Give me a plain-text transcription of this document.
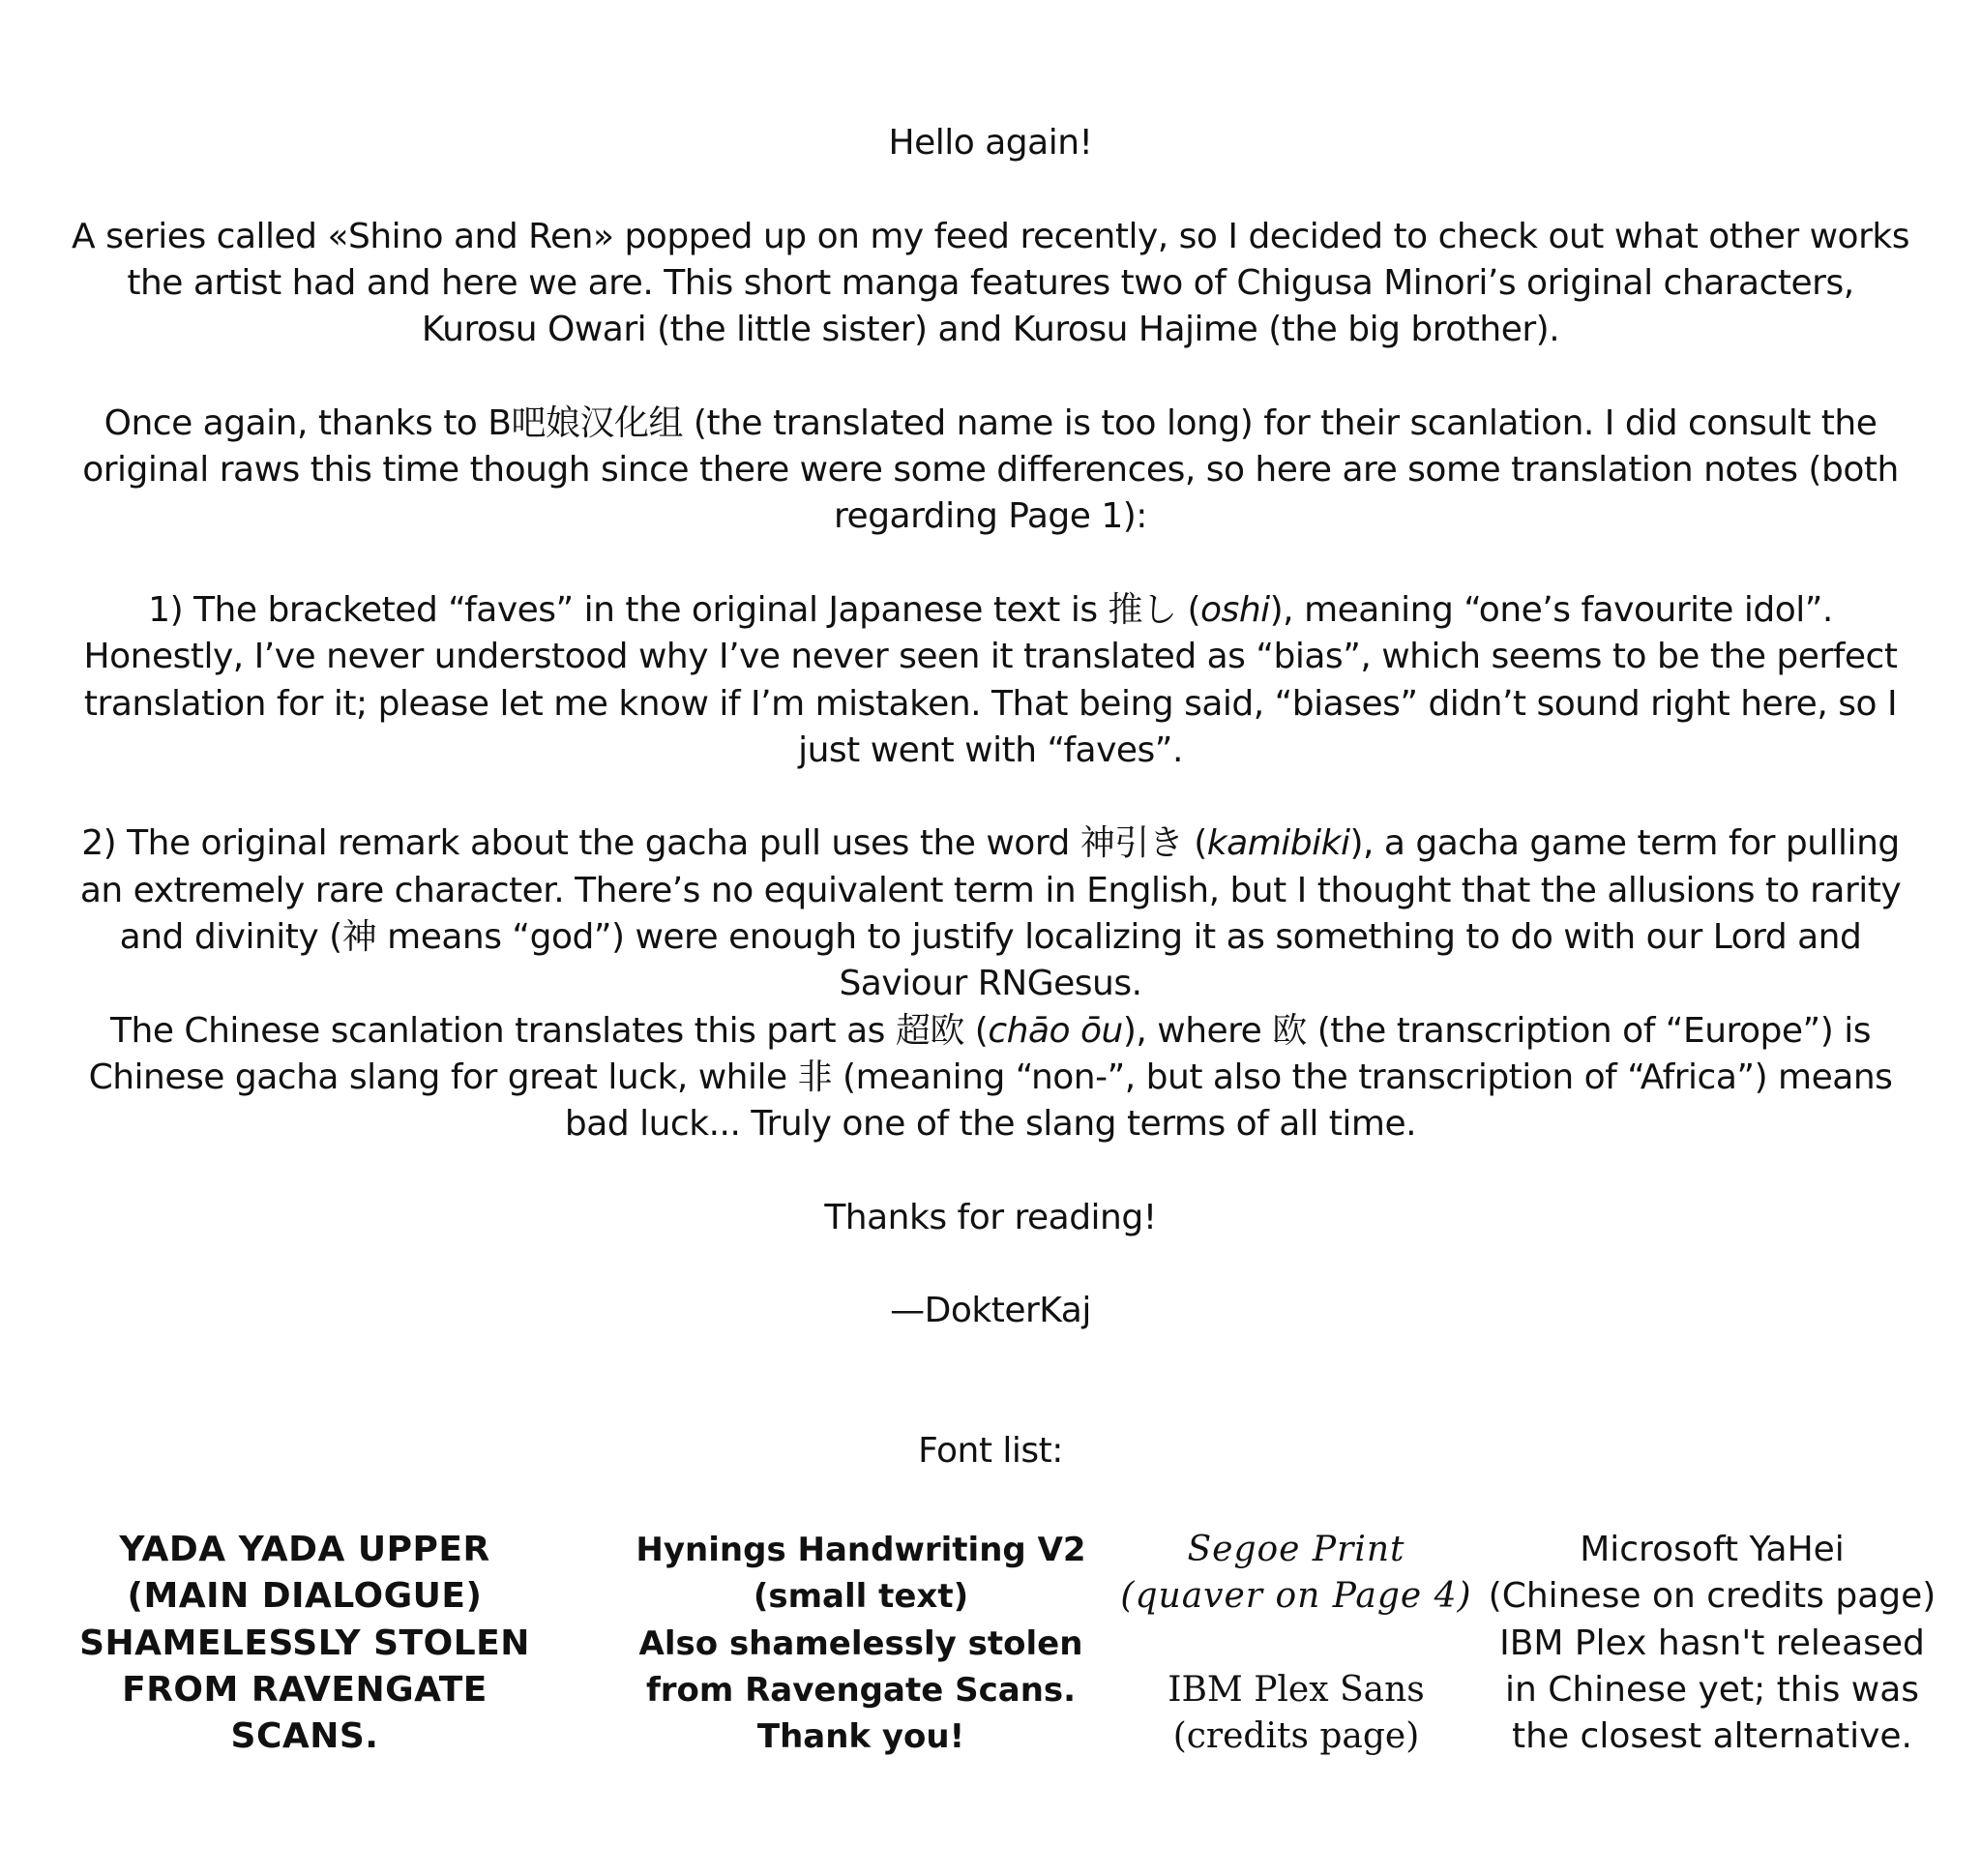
Hello again!

A series called «Shino and Ren» popped up on my feed recently, so I decided to check out what other works the artist had and here we are. This short manga features two of Chigusa Minori’s original characters, Kurosu Owari (the little sister) and Kurosu Hajime (the big brother).

Once again, thanks to B吧娘汉化组 (the translated name is too long) for their scanlation. I did consult the original raws this time though since there were some differences, so here are some translation notes (both regarding Page 1):

1) The bracketed “faves” in the original Japanese text is 推し (oshi), meaning “one’s favourite idol”. Honestly, I’ve never understood why I’ve never seen it translated as “bias”, which seems to be the perfect translation for it; please let me know if I’m mistaken. That being said, “biases” didn’t sound right here, so I just went with “faves”.

2) The original remark about the gacha pull uses the word 神引き (kamibiki), a gacha game term for pulling an extremely rare character. There’s no equivalent term in English, but I thought that the allusions to rarity and divinity (神 means “god”) were enough to justify localizing it as something to do with our Lord and Saviour RNGesus.

The Chinese scanlation translates this part as 超欧 (chāo ōu), where 欧 (the transcription of “Europe”) is Chinese gacha slang for great luck, while 非 (meaning “non-”, but also the transcription of “Africa”) means bad luck... Truly one of the slang terms of all time.

Thanks for reading!

—DokterKaj

Font list:

YADA YADA UPPER
(MAIN DIALOGUE)
SHAMELESSLY STOLEN
FROM RAVENGATE
SCANS.
Hynings Handwriting V2
(small text)
Also shamelessly stolen
from Ravengate Scans.
Thank you!
Segoe Print
(quaver on Page 4)

IBM Plex Sans
(credits page)
Microsoft YaHei
(Chinese on credits page)
IBM Plex hasn't released
in Chinese yet; this was
the closest alternative.
